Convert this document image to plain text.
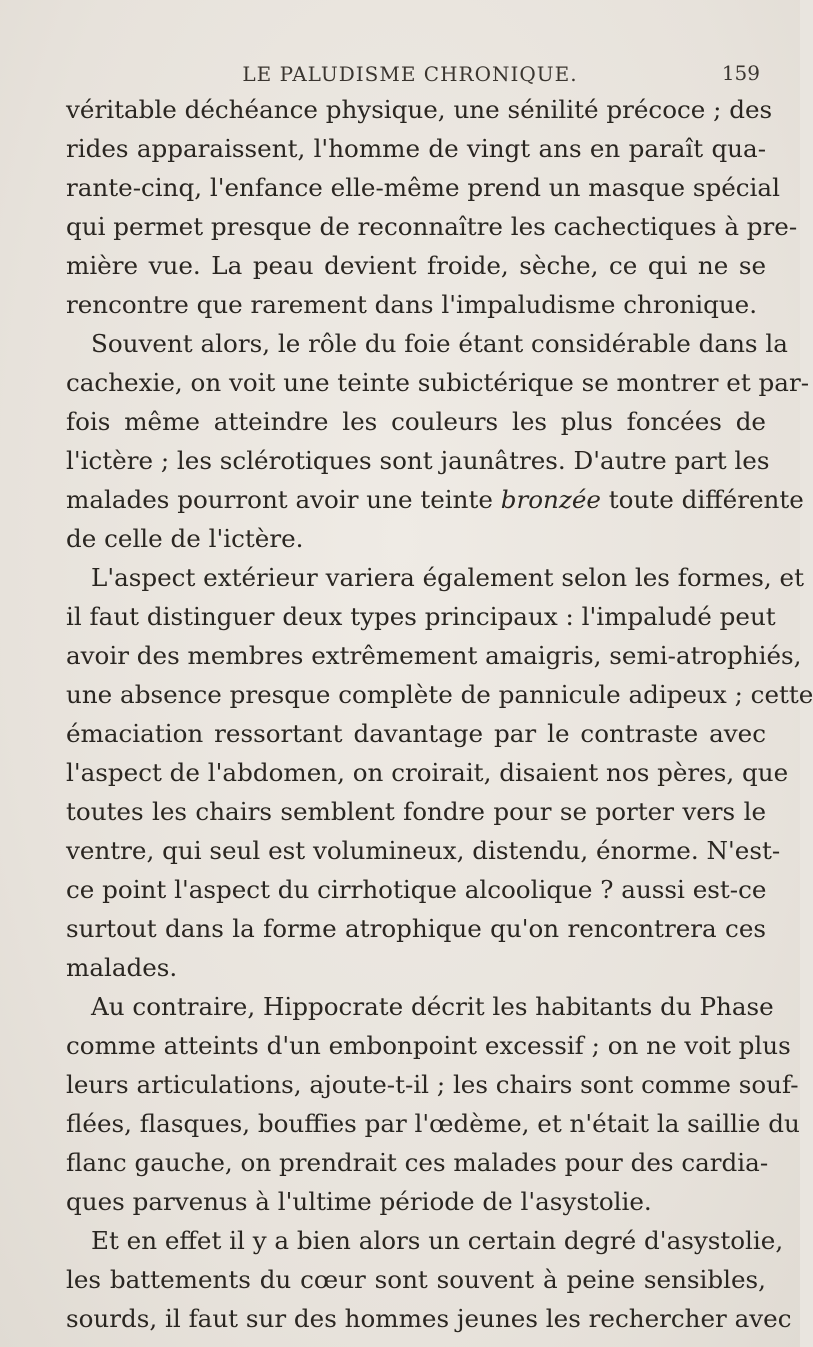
LE PALUDISME CHRONIQUE.	159
véritable déchéance physique, une sénilité précoce ; des
rides apparaissent, l'homme de vingt ans en paraît qua-
rante-cinq, l'enfance elle-même prend un masque spécial
qui permet presque de reconnaître les cachectiques à pre-
mière vue. La peau devient froide, sèche, ce qui ne se
rencontre que rarement dans l'impaludisme chronique.
Souvent alors, le rôle du foie étant considérable dans la
cachexie, on voit une teinte subictérique se montrer et par-
fois même atteindre les couleurs les plus foncées de
l'ictère ; les sclérotiques sont jaunâtres. D'autre part les
malades pourront avoir une teinte bronzée toute différente
de celle de l'ictère.
L'aspect extérieur variera également selon les formes, et
il faut distinguer deux types principaux : l'impaludé peut
avoir des membres extrêmement amaigris, semi-atrophiés,
une absence presque complète de pannicule adipeux ; cette
émaciation ressortant davantage par le contraste avec
l'aspect de l'abdomen, on croirait, disaient nos pères, que
toutes les chairs semblent fondre pour se porter vers le
ventre, qui seul est volumineux, distendu, énorme. N'est-
ce point l'aspect du cirrhotique alcoolique ? aussi est-ce
surtout dans la forme atrophique qu'on rencontrera ces
malades.
Au contraire, Hippocrate décrit les habitants du Phase
comme atteints d'un embonpoint excessif ; on ne voit plus
leurs articulations, ajoute-t-il ; les chairs sont comme souf-
flées, flasques, bouffies par l'œdème, et n'était la saillie du
flanc gauche, on prendrait ces malades pour des cardia-
ques parvenus à l'ultime période de l'asystolie.
Et en effet il y a bien alors un certain degré d'asystolie,
les battements du cœur sont souvent à peine sensibles,
sourds, il faut sur des hommes jeunes les rechercher avec
